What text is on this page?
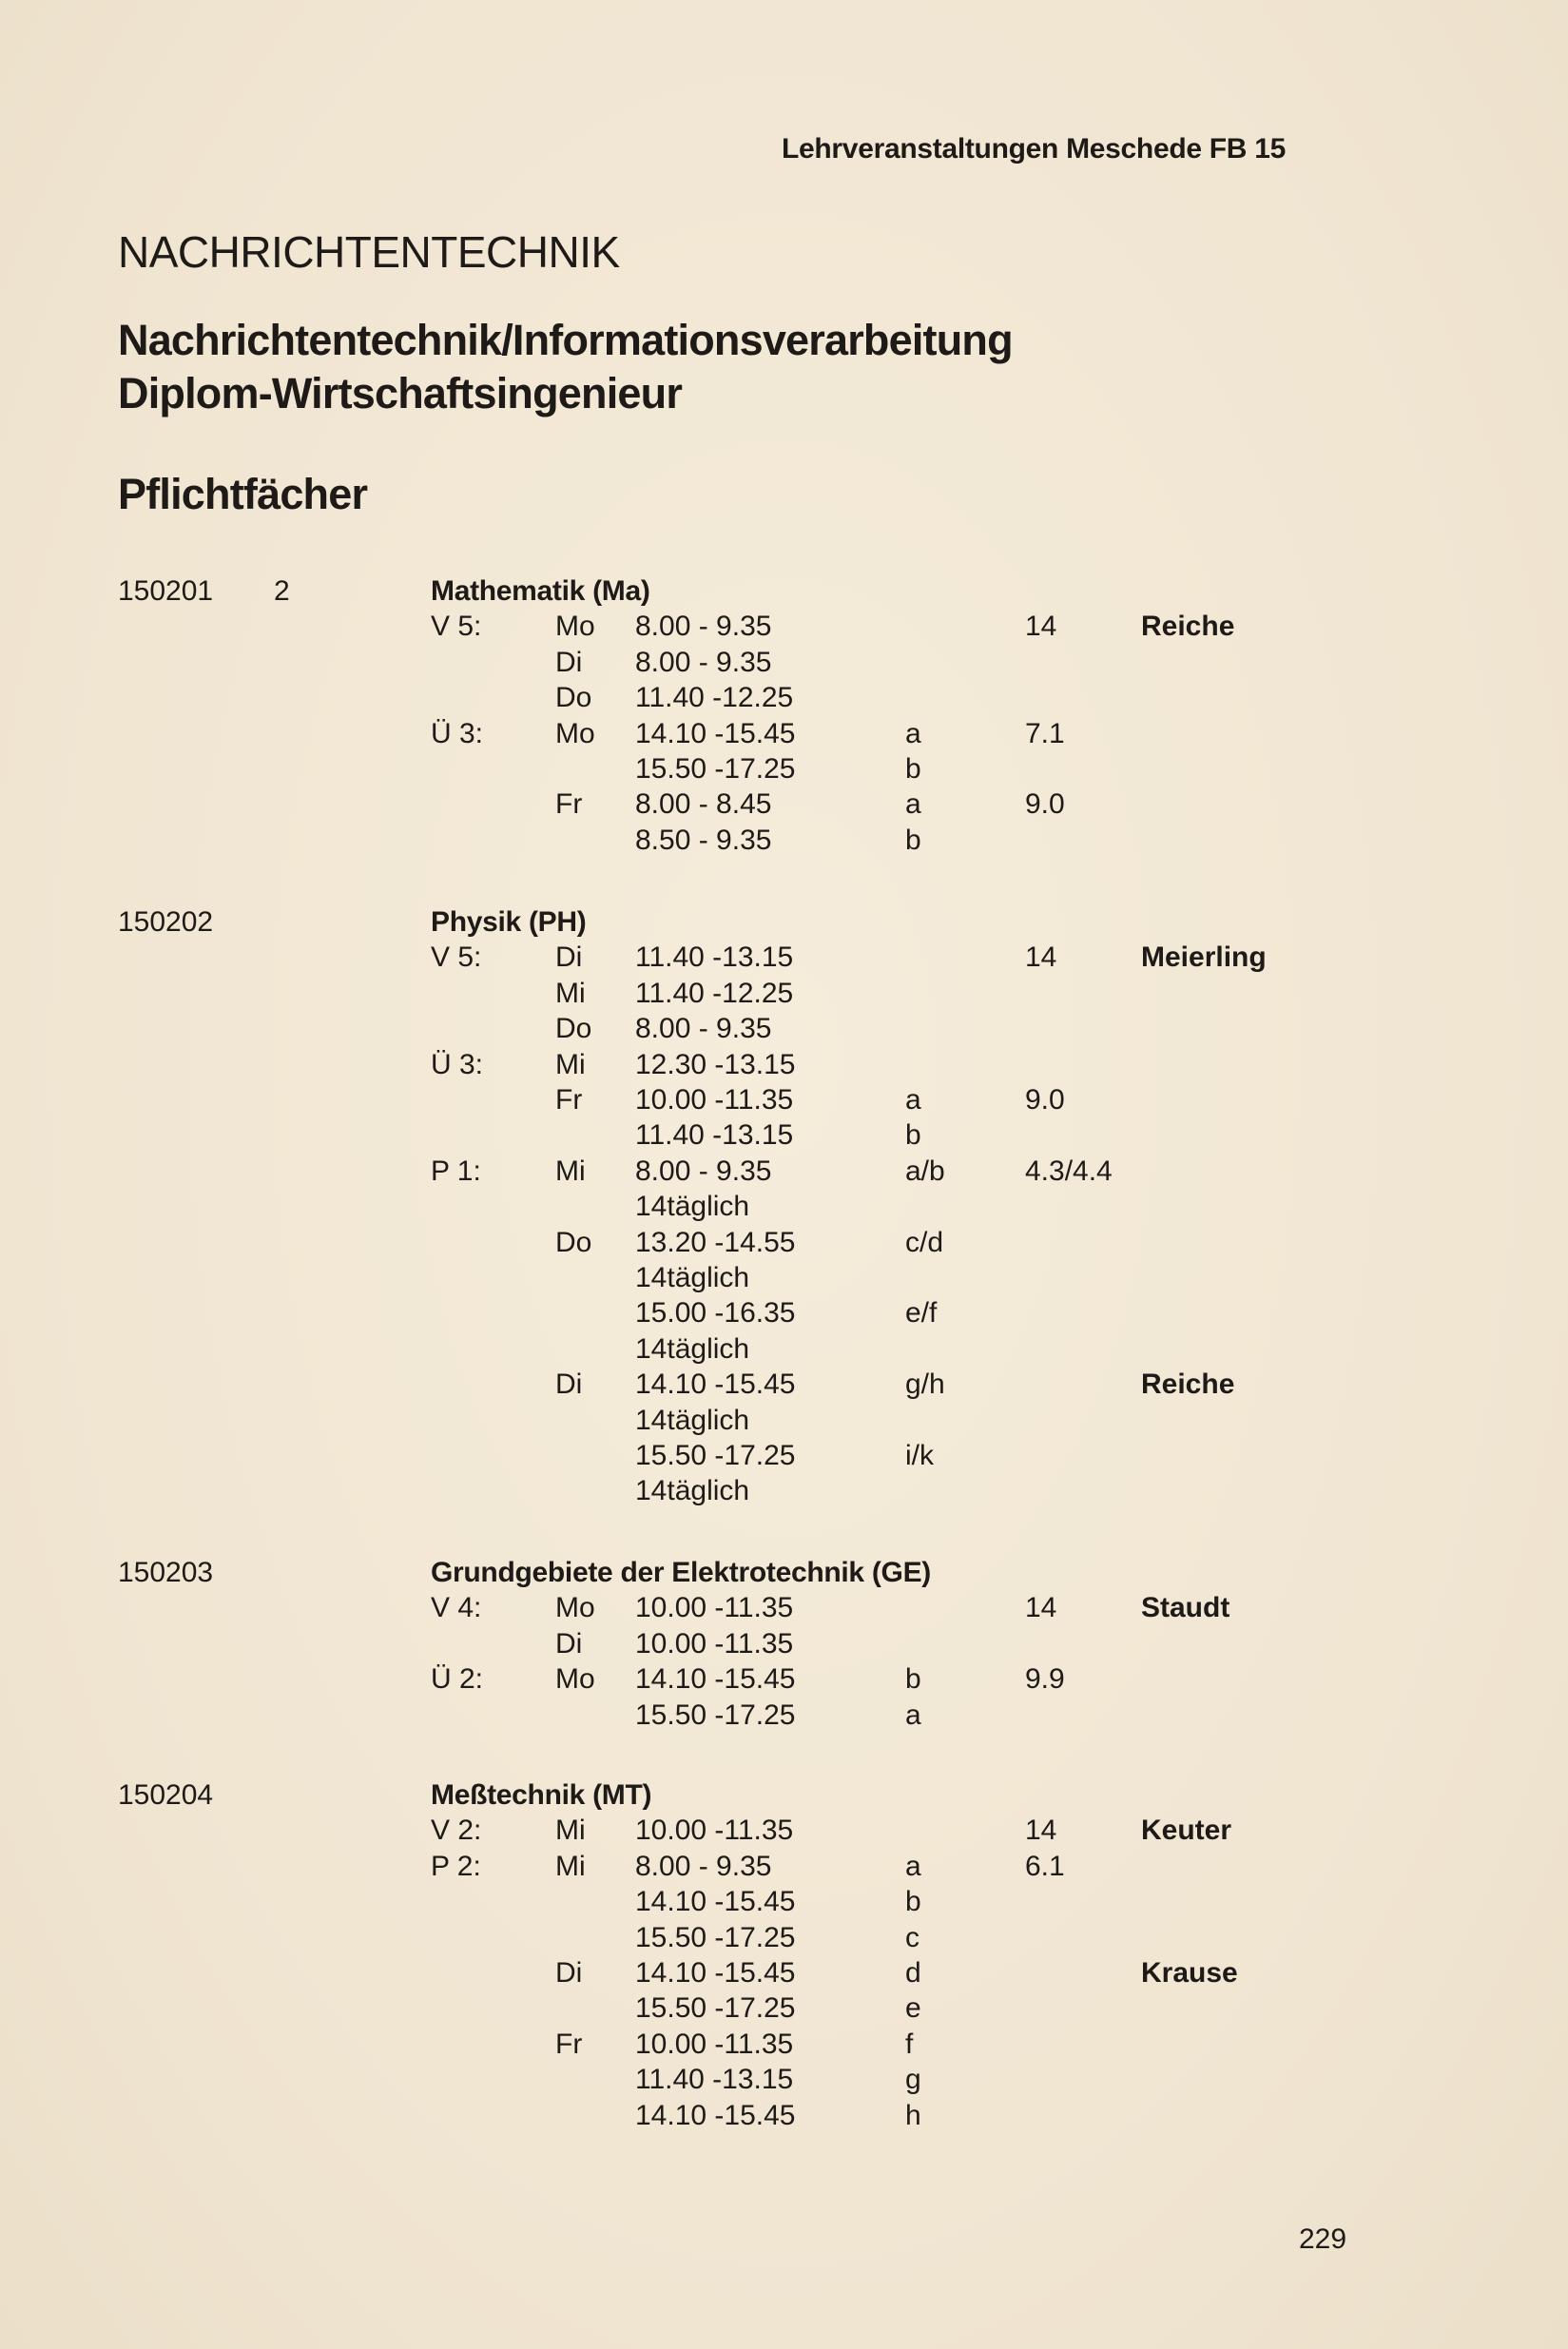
Lehrveranstaltungen Meschede FB 15
NACHRICHTENTECHNIK
Nachrichtentechnik/Informationsverarbeitung
Diplom-Wirtschaftsingenieur
Pflichtfächer
150201 2	Mathematik (Ma)
V 5:	Mo 8.00 - 9.35	14	Reiche
Di 8.00 - 9.35
Do 11.40 -12.25
Ü 3:	Mo 14.10 -15.45	a	7.1
15.50 -17.25	b
Fr 8.00 - 8.45	a	9.0
8.50 - 9.35	b
150202	Physik (PH)
V 5:	Di 11.40 -13.15	14	Meierling
Mi 11.40 -12.25
Do 8.00 - 9.35
Ü 3:	Mi 12.30 -13.15
Fr 10.00 -11.35	a	9.0
11.40 -13.15	b
P 1:	Mi 8.00 - 9.35	a/b	4.3/4.4
14täglich
Do 13.20 -14.55	c/d
14täglich
15.00 -16.35	e/f
14täglich
Di 14.10 -15.45	g/h	Reiche
14täglich
15.50 -17.25	i/k
14täglich
150203	Grundgebiete der Elektrotechnik (GE)
V 4:	Mo 10.00 -11.35	14	Staudt
Di 10.00 -11.35
Ü 2:	Mo 14.10 -15.45	b	9.9
15.50 -17.25	a
150204	Meßtechnik (MT)
V 2:	Mi 10.00 -11.35	14	Keuter
P 2:	Mi 8.00 - 9.35	a	6.1
14.10 -15.45	b
15.50 -17.25	c
Di 14.10 -15.45	d	Krause
15.50 -17.25	e
Fr 10.00 -11.35	f
11.40 -13.15	g
14.10 -15.45	h
229
